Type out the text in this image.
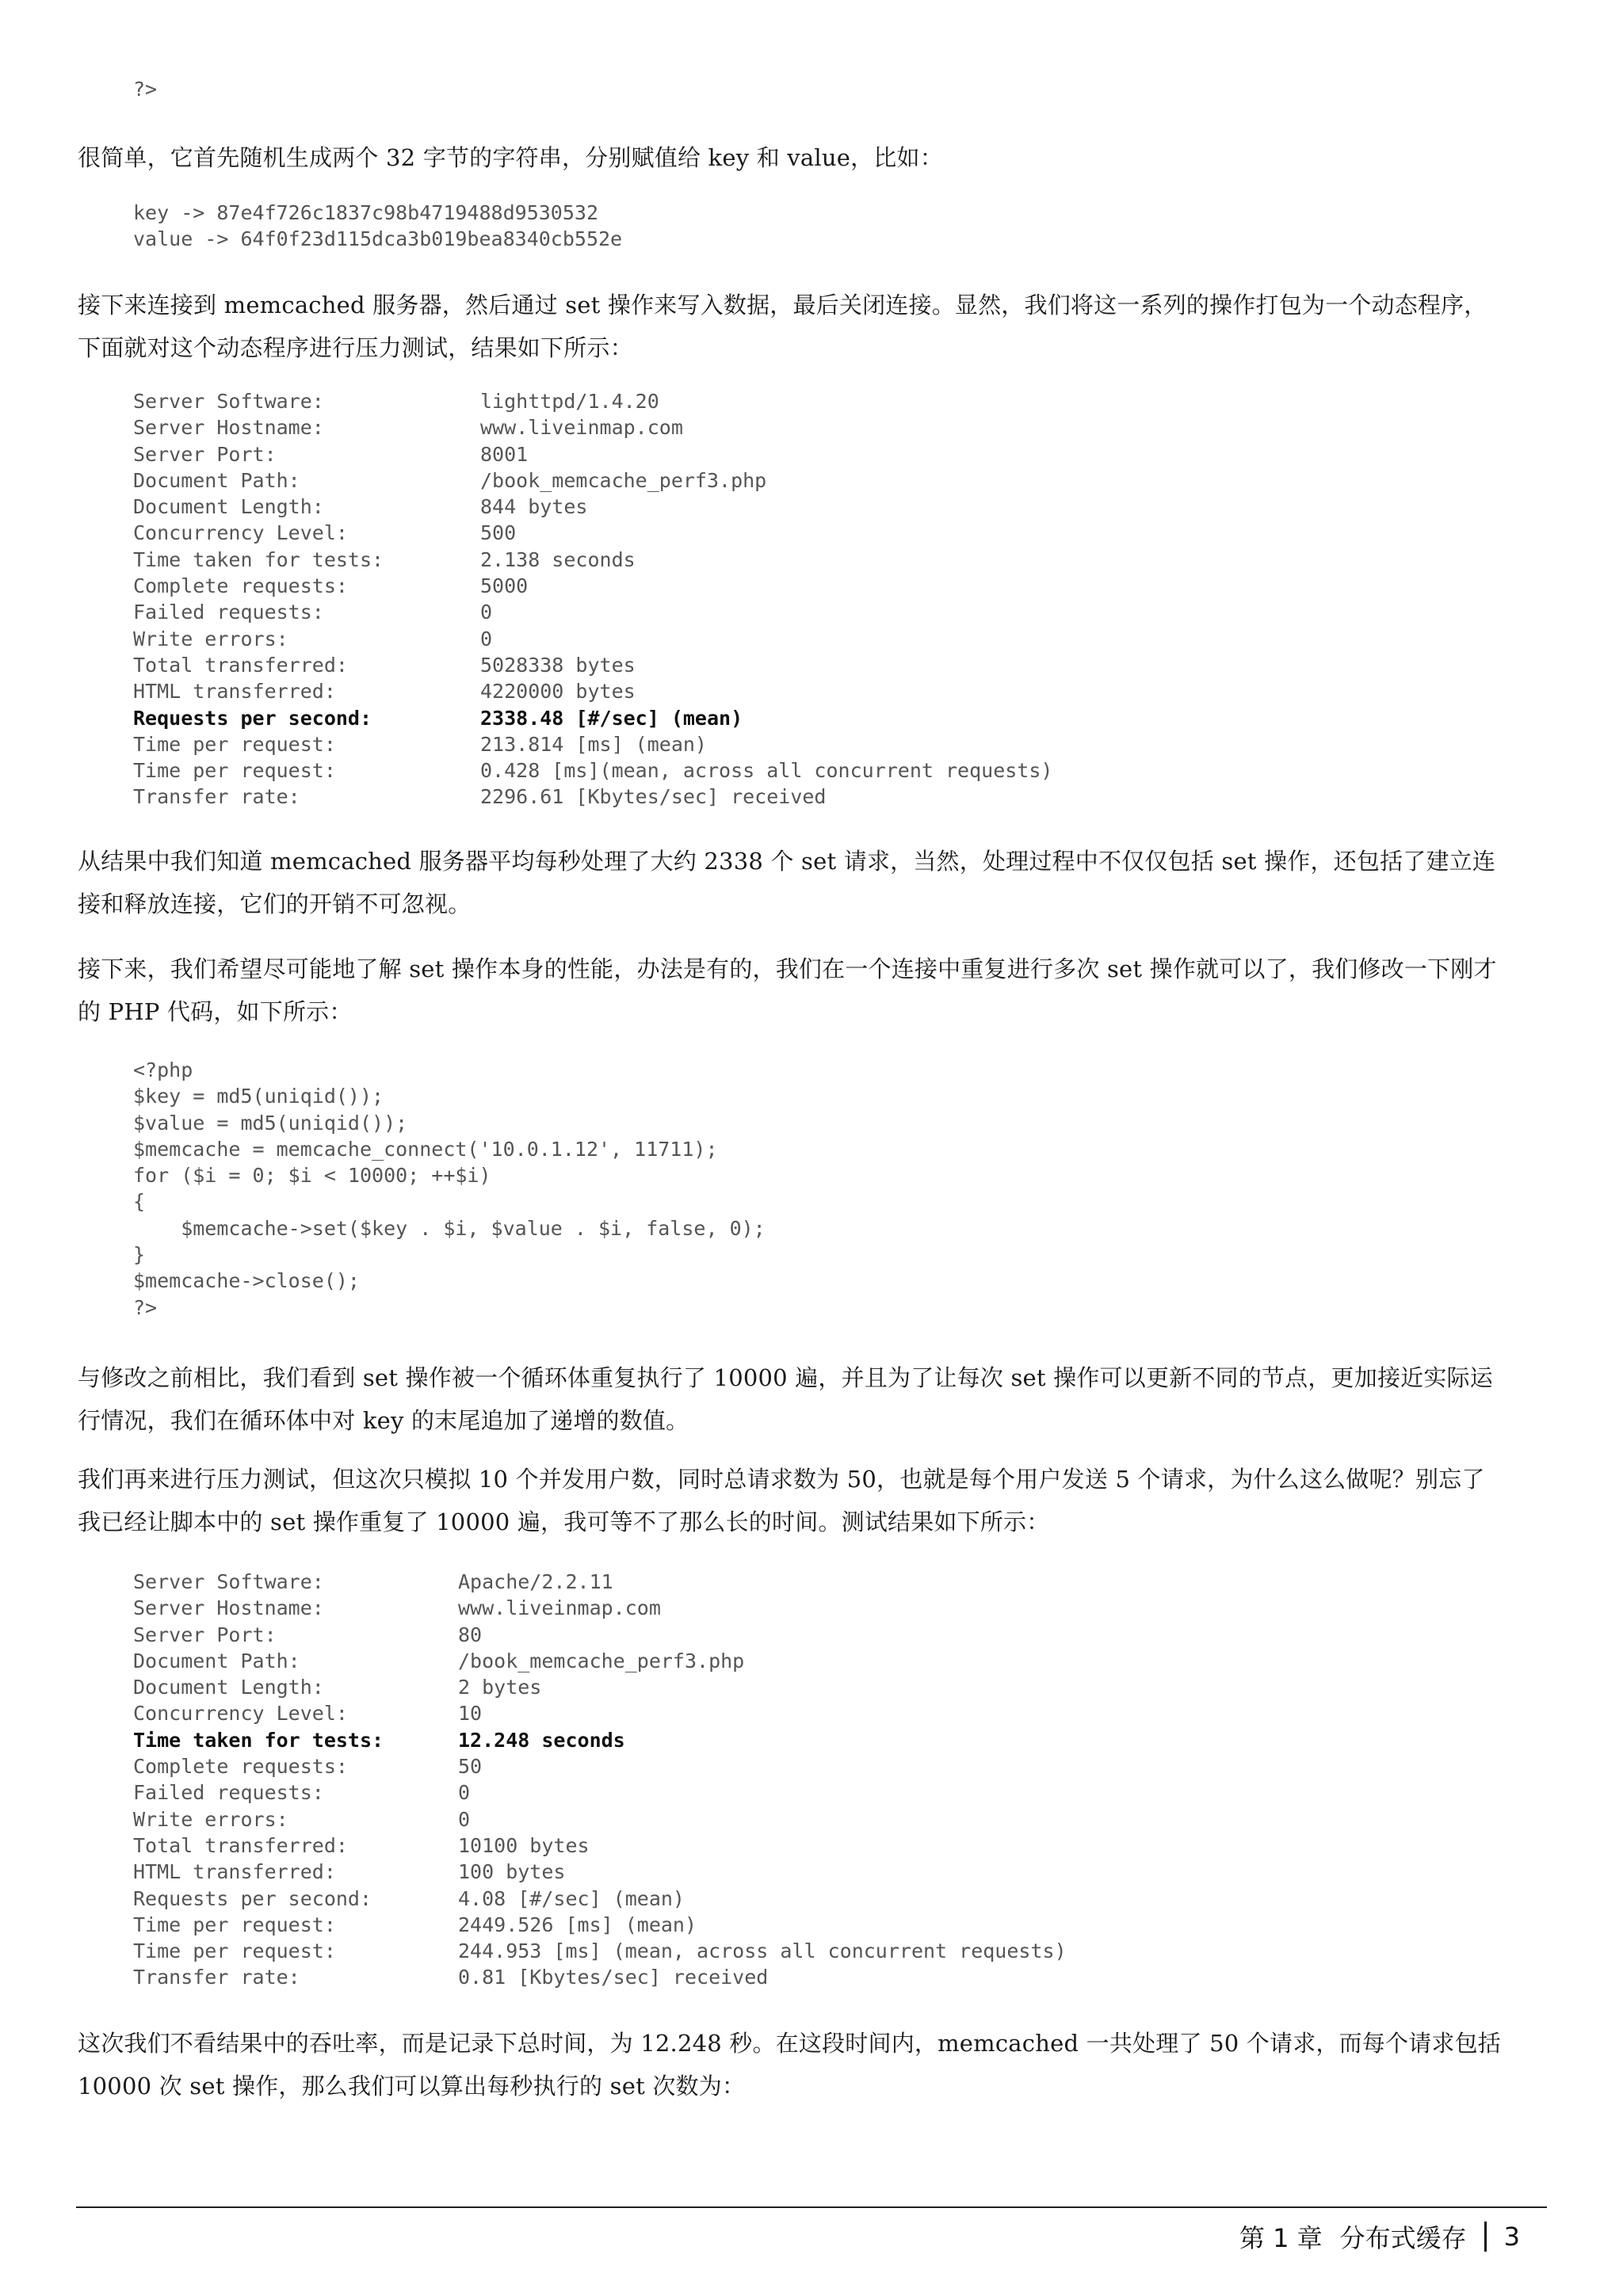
?>

很简单，它首先随机生成两个 32 字节的字符串，分别赋值给 key 和 value，比如：

key -> 87e4f726c1837c98b4719488d9530532
value -> 64f0f23d115dca3b019bea8340cb552e

接下来连接到 memcached 服务器，然后通过 set 操作来写入数据，最后关闭连接。显然，我们将这一系列的操作打包为一个动态程序，下面就对这个动态程序进行压力测试，结果如下所示：

Server Software:	lighttpd/1.4.20
Server Hostname:	www.liveinmap.com
Server Port:	8001
Document Path:	/book_memcache_perf3.php
Document Length:	844 bytes
Concurrency Level:	500
Time taken for tests:	2.138 seconds
Complete requests:	5000
Failed requests:	0
Write errors:	0
Total transferred:	5028338 bytes
HTML transferred:	4220000 bytes
Requests per second:	2338.48 [#/sec] (mean)
Time per request:	213.814 [ms] (mean)
Time per request:	0.428 [ms](mean, across all concurrent requests)
Transfer rate:	2296.61 [Kbytes/sec] received

从结果中我们知道 memcached 服务器平均每秒处理了大约 2338 个 set 请求，当然，处理过程中不仅仅包括 set 操作，还包括了建立连接和释放连接，它们的开销不可忽视。

接下来，我们希望尽可能地了解 set 操作本身的性能，办法是有的，我们在一个连接中重复进行多次 set 操作就可以了，我们修改一下刚才的 PHP 代码，如下所示：

<?php
$key = md5(uniqid());
$value = md5(uniqid());
$memcache = memcache_connect('10.0.1.12', 11711);
for ($i = 0; $i < 10000; ++$i)
{
$memcache->set($key . $i, $value . $i, false, 0);
}
$memcache->close();
?>

与修改之前相比，我们看到 set 操作被一个循环体重复执行了 10000 遍，并且为了让每次 set 操作可以更新不同的节点，更加接近实际运行情况，我们在循环体中对 key 的末尾追加了递增的数值。

我们再来进行压力测试，但这次只模拟 10 个并发用户数，同时总请求数为 50，也就是每个用户发送 5 个请求，为什么这么做呢？别忘了我已经让脚本中的 set 操作重复了 10000 遍，我可等不了那么长的时间。测试结果如下所示：

Server Software:	Apache/2.2.11
Server Hostname:	www.liveinmap.com
Server Port:	80
Document Path:	/book_memcache_perf3.php
Document Length:	2 bytes
Concurrency Level:	10
Time taken for tests:	12.248 seconds
Complete requests:	50
Failed requests:	0
Write errors:	0
Total transferred:	10100 bytes
HTML transferred:	100 bytes
Requests per second:	4.08 [#/sec] (mean)
Time per request:	2449.526 [ms] (mean)
Time per request:	244.953 [ms] (mean, across all concurrent requests)
Transfer rate:	0.81 [Kbytes/sec] received

这次我们不看结果中的吞吐率，而是记录下总时间，为 12.248 秒。在这段时间内，memcached 一共处理了 50 个请求，而每个请求包括 10000 次 set 操作，那么我们可以算出每秒执行的 set 次数为：

第 1 章 分布式缓存 3
